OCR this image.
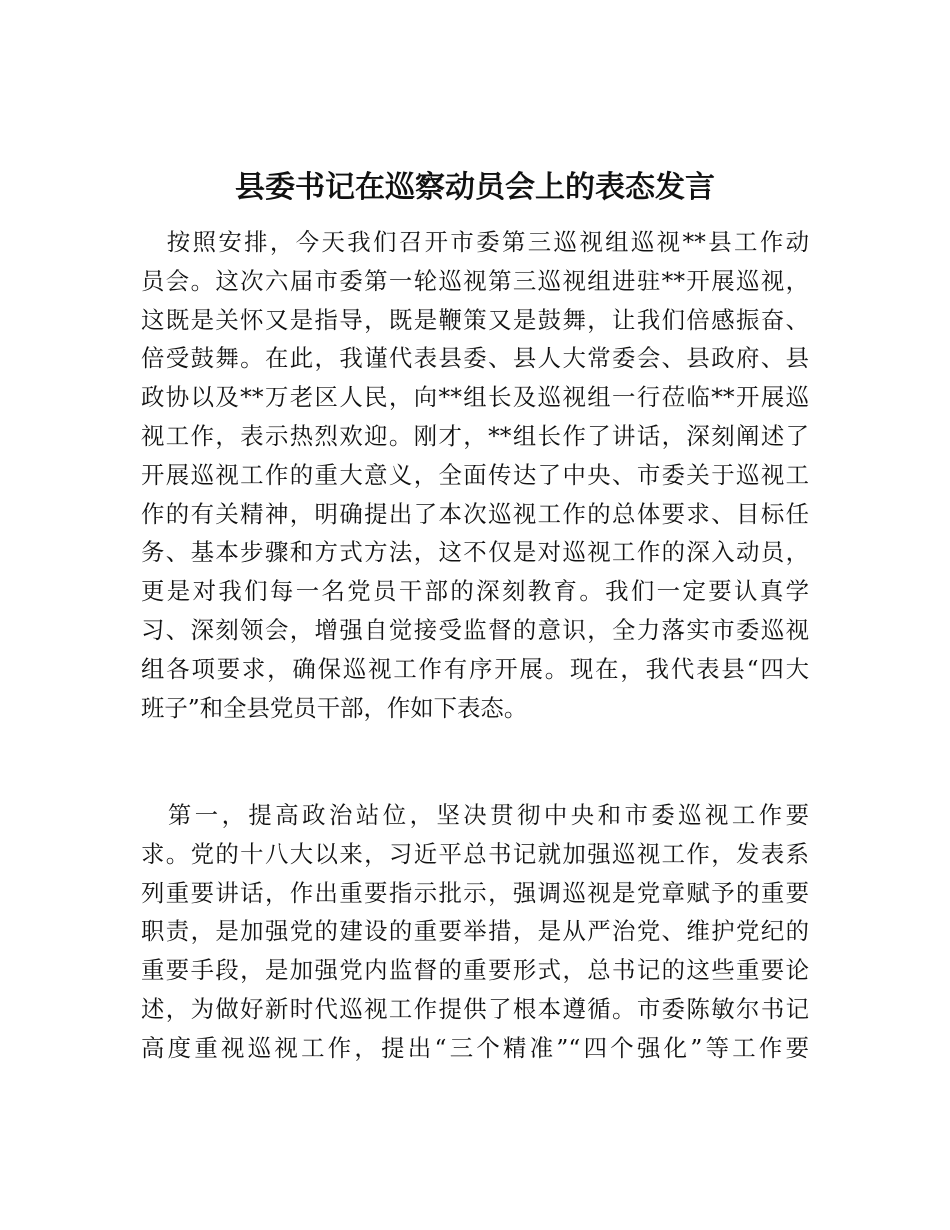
县委书记在巡察动员会上的表态发言

　按照安排，今天我们召开市委第三巡视组巡视**县工作动
员会。这次六届市委第一轮巡视第三巡视组进驻**开展巡视，
这既是关怀又是指导，既是鞭策又是鼓舞，让我们倍感振奋、
倍受鼓舞。在此，我谨代表县委、县人大常委会、县政府、县
政协以及**万老区人民，向**组长及巡视组一行莅临**开展巡
视工作，表示热烈欢迎。刚才，**组长作了讲话，深刻阐述了
开展巡视工作的重大意义，全面传达了中央、市委关于巡视工
作的有关精神，明确提出了本次巡视工作的总体要求、目标任
务、基本步骤和方式方法，这不仅是对巡视工作的深入动员，
更是对我们每一名党员干部的深刻教育。我们一定要认真学
习、深刻领会，增强自觉接受监督的意识，全力落实市委巡视
组各项要求，确保巡视工作有序开展。现在，我代表县“四大
班子”和全县党员干部，作如下表态。

　第一，提高政治站位，坚决贯彻中央和市委巡视工作要
求。党的十八大以来，习近平总书记就加强巡视工作，发表系
列重要讲话，作出重要指示批示，强调巡视是党章赋予的重要
职责，是加强党的建设的重要举措，是从严治党、维护党纪的
重要手段，是加强党内监督的重要形式，总书记的这些重要论
述，为做好新时代巡视工作提供了根本遵循。市委陈敏尔书记
高度重视巡视工作，提出“三个精准”“四个强化”等工作要
